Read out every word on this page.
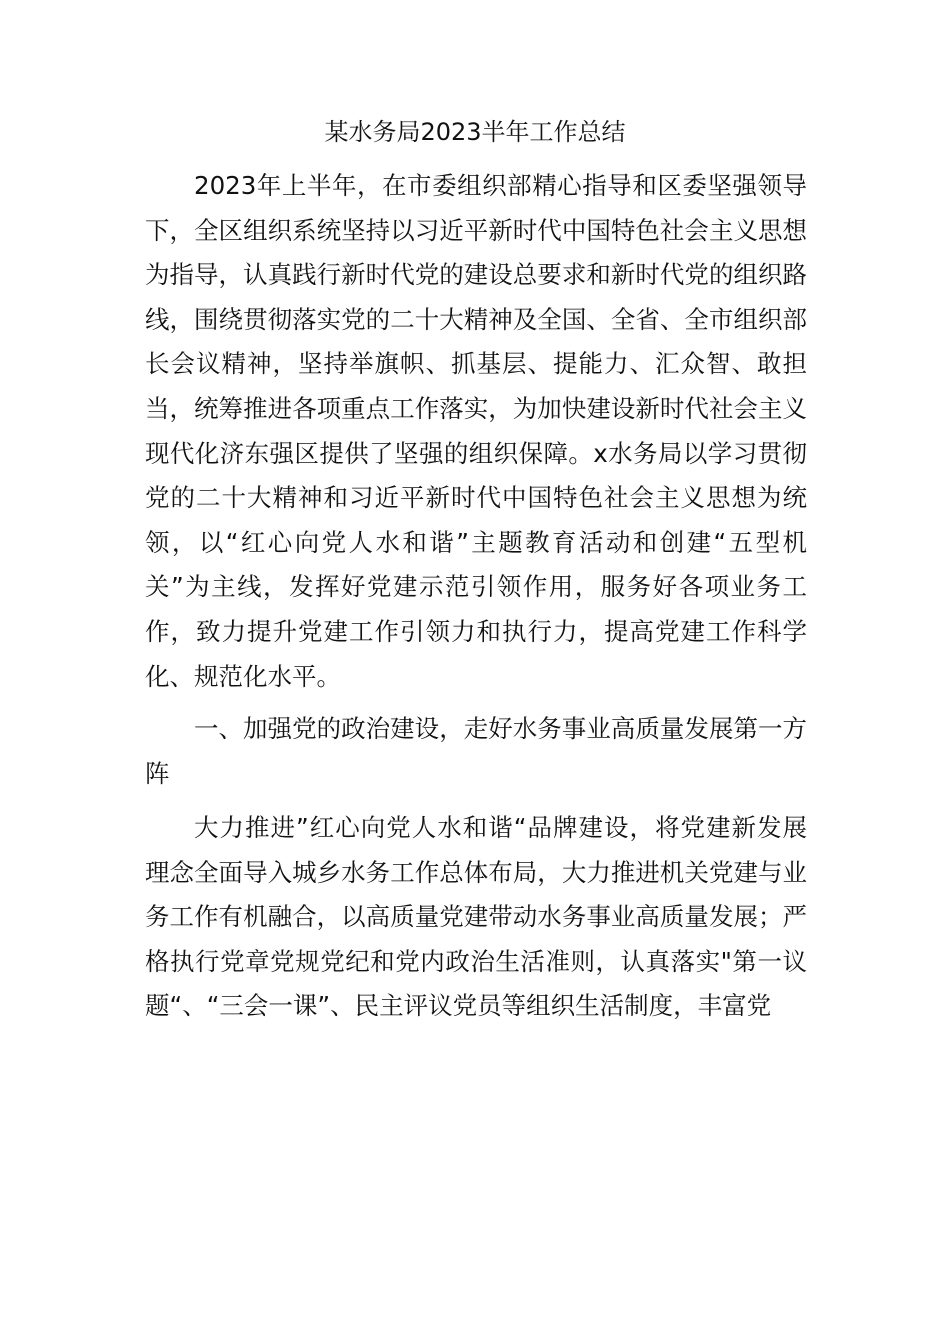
某水务局2023半年工作总结

2023年上半年，在市委组织部精心指导和区委坚强领导下，全区组织系统坚持以习近平新时代中国特色社会主义思想为指导，认真践行新时代党的建设总要求和新时代党的组织路线，围绕贯彻落实党的二十大精神及全国、全省、全市组织部长会议精神，坚持举旗帜、抓基层、提能力、汇众智、敢担当，统筹推进各项重点工作落实，为加快建设新时代社会主义现代化济东强区提供了坚强的组织保障。x水务局以学习贯彻党的二十大精神和习近平新时代中国特色社会主义思想为统领，以“红心向党人水和谐”主题教育活动和创建“五型机关”为主线，发挥好党建示范引领作用，服务好各项业务工作，致力提升党建工作引领力和执行力，提高党建工作科学化、规范化水平。

一、加强党的政治建设，走好水务事业高质量发展第一方阵

大力推进”红心向党人水和谐“品牌建设，将党建新发展理念全面导入城乡水务工作总体布局，大力推进机关党建与业务工作有机融合，以高质量党建带动水务事业高质量发展；严格执行党章党规党纪和党内政治生活准则，认真落实"第一议题“、“三会一课”、民主评议党员等组织生活制度，丰富党
